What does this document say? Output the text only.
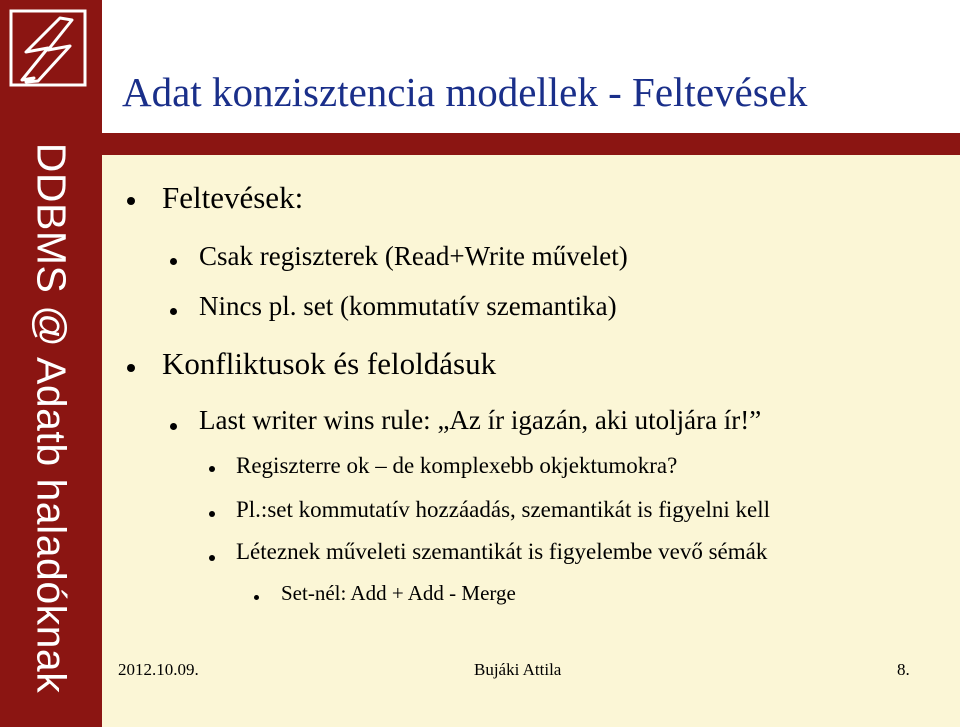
DDBMS @ Adatb haladóknak
Adat konzisztencia modellek - Feltevések
Feltevések:
Csak regiszterek (Read+Write művelet)
Nincs pl. set (kommutatív szemantika)
Konfliktusok és feloldásuk
Last writer wins rule: „Az ír igazán, aki utoljára ír!”
Regiszterre ok – de komplexebb okjektumokra?
Pl.:set kommutatív hozzáadás, szemantikát is figyelni kell
Léteznek műveleti szemantikát is figyelembe vevő sémák
Set-nél: Add + Add - Merge
2012.10.09.	Bujáki Attila	8.
